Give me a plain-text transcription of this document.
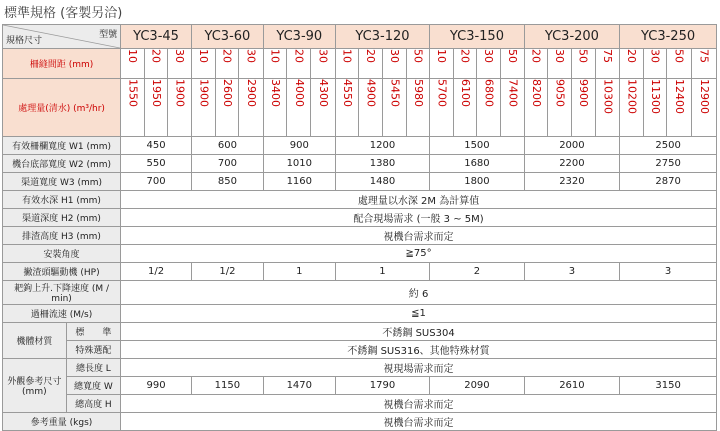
標準規格 (客製另洽)
型號
規格尺寸		YC3-45			YC3-60			YC3-90			YC3-120				YC3-150				YC3-200				YC3-250			
柵縫間距 (mm)		10	20	30	10	20	30	10	20	30	10	20	30	50	10	20	30	50	20	30	50	75	20	30	50	75
處理量(清水) (m³/hr)		1550	1950	1900	1900	2600	2900	3400	4000	4300	4550	4900	5450	5980	5700	6100	6800	7400	8200	9050	9900	10300	10200	11300	12400	12900
有效柵欄寬度 W1 (mm)		450			600			900			1200				1500				2000				2500			
機台底部寬度 W2 (mm)		550			700			1010			1380				1680				2200				2750			
渠道寬度 W3 (mm)		700			850			1160			1480				1800				2320				2870			
有效水深 H1 (mm)		處理量以水深 2M 為計算值																								
渠道深度 H2 (mm)		配合現場需求 (一般 3 ~ 5M)																								
排渣高度 H3 (mm)		視機台需求而定																								
安裝角度		≧75°																								
撇渣頭驅動機 (HP)		1/2			1/2			1			1				2				3				3			
耙鉤上升.下降速度 (M / min)		約 6																								
過柵流速 (M/s)		≦1																								
機體材質	標　　準	不銹鋼 SUS304																								
	特殊選配	不銹鋼 SUS316、其他特殊材質																								
外觀參考尺寸 (mm)	總長度 L	視現場需求而定																								
	總寬度 W	990			1150			1470			1790				2090				2610				3150			
	總高度 H	視機台需求而定																								
參考重量 (kgs)		視機台需求而定																								
